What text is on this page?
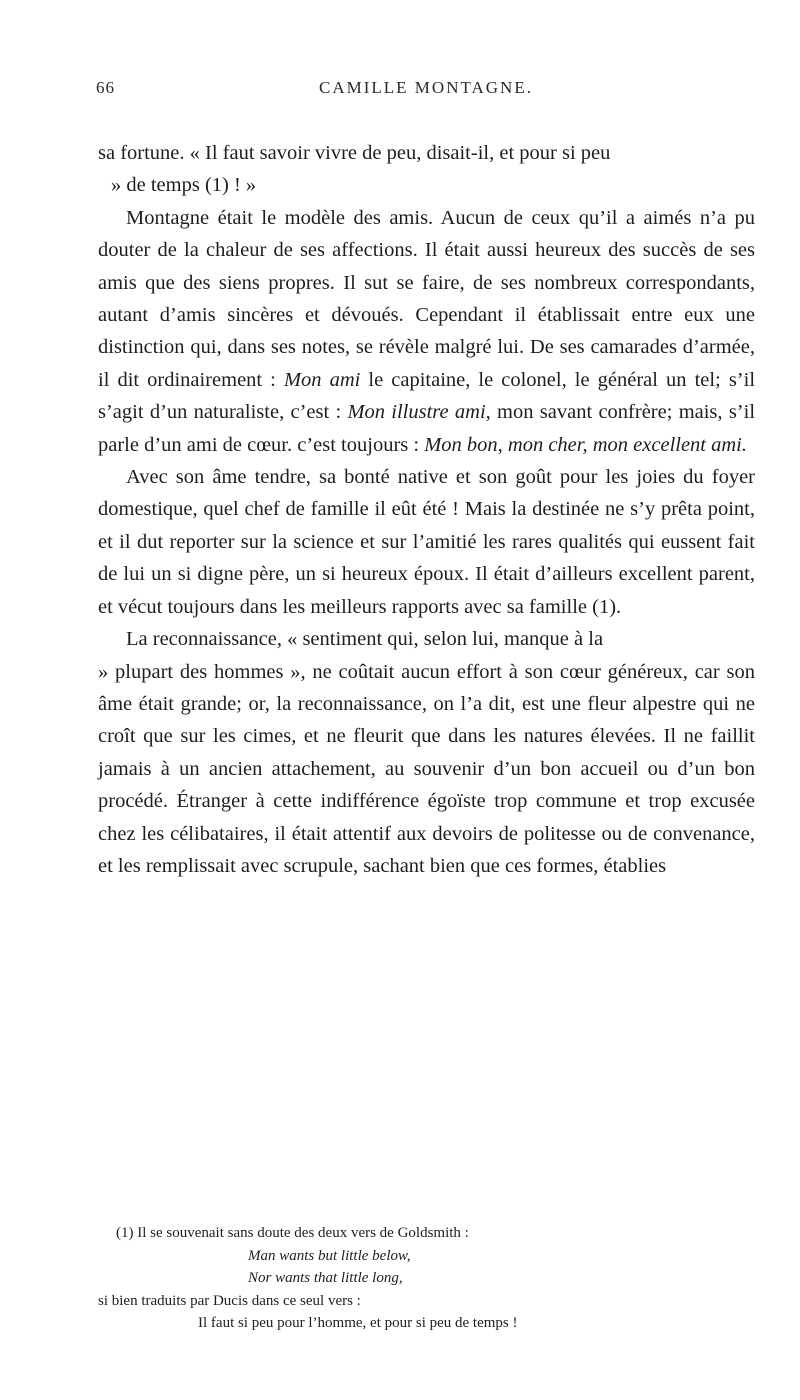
66	CAMILLE MONTAGNE.

sa fortune. « Il faut savoir vivre de peu, disait-il, et pour si peu
» de temps (1) ! »

Montagne était le modèle des amis. Aucun de ceux qu’il a aimés n’a pu douter de la chaleur de ses affections. Il était aussi heureux des succès de ses amis que des siens propres. Il sut se faire, de ses nombreux correspondants, autant d’amis sincères et dévoués. Cependant il établissait entre eux une distinction qui, dans ses notes, se révèle malgré lui. De ses camarades d’armée, il dit ordinairement : Mon ami le capitaine, le colonel, le général un tel; s’il s’agit d’un naturaliste, c’est : Mon illustre ami, mon savant confrère; mais, s’il parle d’un ami de cœur. c’est toujours : Mon bon, mon cher, mon excellent ami.

Avec son âme tendre, sa bonté native et son goût pour les joies du foyer domestique, quel chef de famille il eût été ! Mais la destinée ne s’y prêta point, et il dut reporter sur la science et sur l’amitié les rares qualités qui eussent fait de lui un si digne père, un si heureux époux. Il était d’ailleurs excellent parent, et vécut toujours dans les meilleurs rapports avec sa famille (1).

La reconnaissance, « sentiment qui, selon lui, manque à la
» plupart des hommes », ne coûtait aucun effort à son cœur généreux, car son âme était grande; or, la reconnaissance, on l’a dit, est une fleur alpestre qui ne croît que sur les cimes, et ne fleurit que dans les natures élevées. Il ne faillit jamais à un ancien attachement, au souvenir d’un bon accueil ou d’un bon procédé. Étranger à cette indifférence égoïste trop commune et trop excusée chez les célibataires, il était attentif aux devoirs de politesse ou de convenance, et les remplissait avec scrupule, sachant bien que ces formes, établies

(1) Il se souvenait sans doute des deux vers de Goldsmith :

Man wants but little below,

Nor wants that little long,

si bien traduits par Ducis dans ce seul vers :

Il faut si peu pour l’homme, et pour si peu de temps !
